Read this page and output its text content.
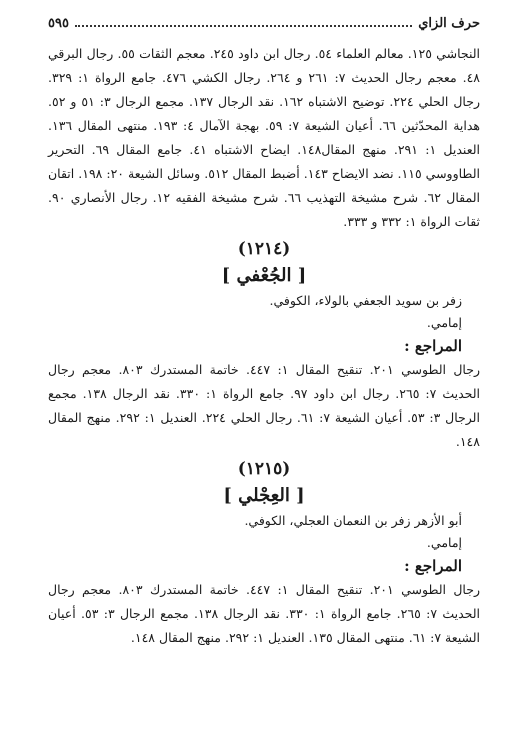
حرف الزاي
٥٩٥

النجاشي ١٢٥. معالم العلماء ٥٤. رجال ابن داود ٢٤٥. معجم الثقات ٥٥. رجال البرقي ٤٨. معجم رجال الحديث ٧: ٢٦١ و ٢٦٤. رجال الكشي ٤٧٦. جامع الرواة ١: ٣٢٩. رجال الحلي ٢٢٤. توضيح الاشتباه ١٦٢. نقد الرجال ١٣٧. مجمع الرجال ٣: ٥١ و ٥٢. هداية المحدّثين ٦٦. أعيان الشيعة ٧: ٥٩. بهجة الآمال ٤: ١٩٣. منتهى المقال ١٣٦. العنديل ١: ٢٩١. منهج المقال١٤٨. ايضاح الاشتباه ٤١. جامع المقال ٦٩. التحرير الطاووسي ١١٥. نضد الايضاح ١٤٣. أضبط المقال ٥١٢. وسائل الشيعة ٢٠: ١٩٨. اتقان المقال ٦٢. شرح مشيخة التهذيب ٦٦. شرح مشيخة الفقيه ١٢. رجال الأنصاري ٩٠. ثقات الرواة ١: ٣٣٢ و ٣٣٣.

(١٢١٤)
[ الجُعْفي ]

زفر بن سويد الجعفي بالولاء، الكوفي.

إمامي.

المراجع :

رجال الطوسي ٢٠١. تنقيح المقال ١: ٤٤٧. خاتمة المستدرك ٨٠٣. معجم رجال الحديث ٧: ٢٦٥. رجال ابن داود ٩٧. جامع الرواة ١: ٣٣٠. نقد الرجال ١٣٨. مجمع الرجال ٣: ٥٣. أعيان الشيعة ٧: ٦١. رجال الحلي ٢٢٤. العنديل ١: ٢٩٢. منهج المقال ١٤٨.

(١٢١٥)
[ العِجْلي ]

أبو الأزهر زفر بن النعمان العجلي، الكوفي.

إمامي.

المراجع :

رجال الطوسي ٢٠١. تنقيح المقال ١: ٤٤٧. خاتمة المستدرك ٨٠٣. معجم رجال الحديث ٧: ٢٦٥. جامع الرواة ١: ٣٣٠. نقد الرجال ١٣٨. مجمع الرجال ٣: ٥٣. أعيان الشيعة ٧: ٦١. منتهى المقال ١٣٥. العنديل ١: ٢٩٢. منهج المقال ١٤٨.
